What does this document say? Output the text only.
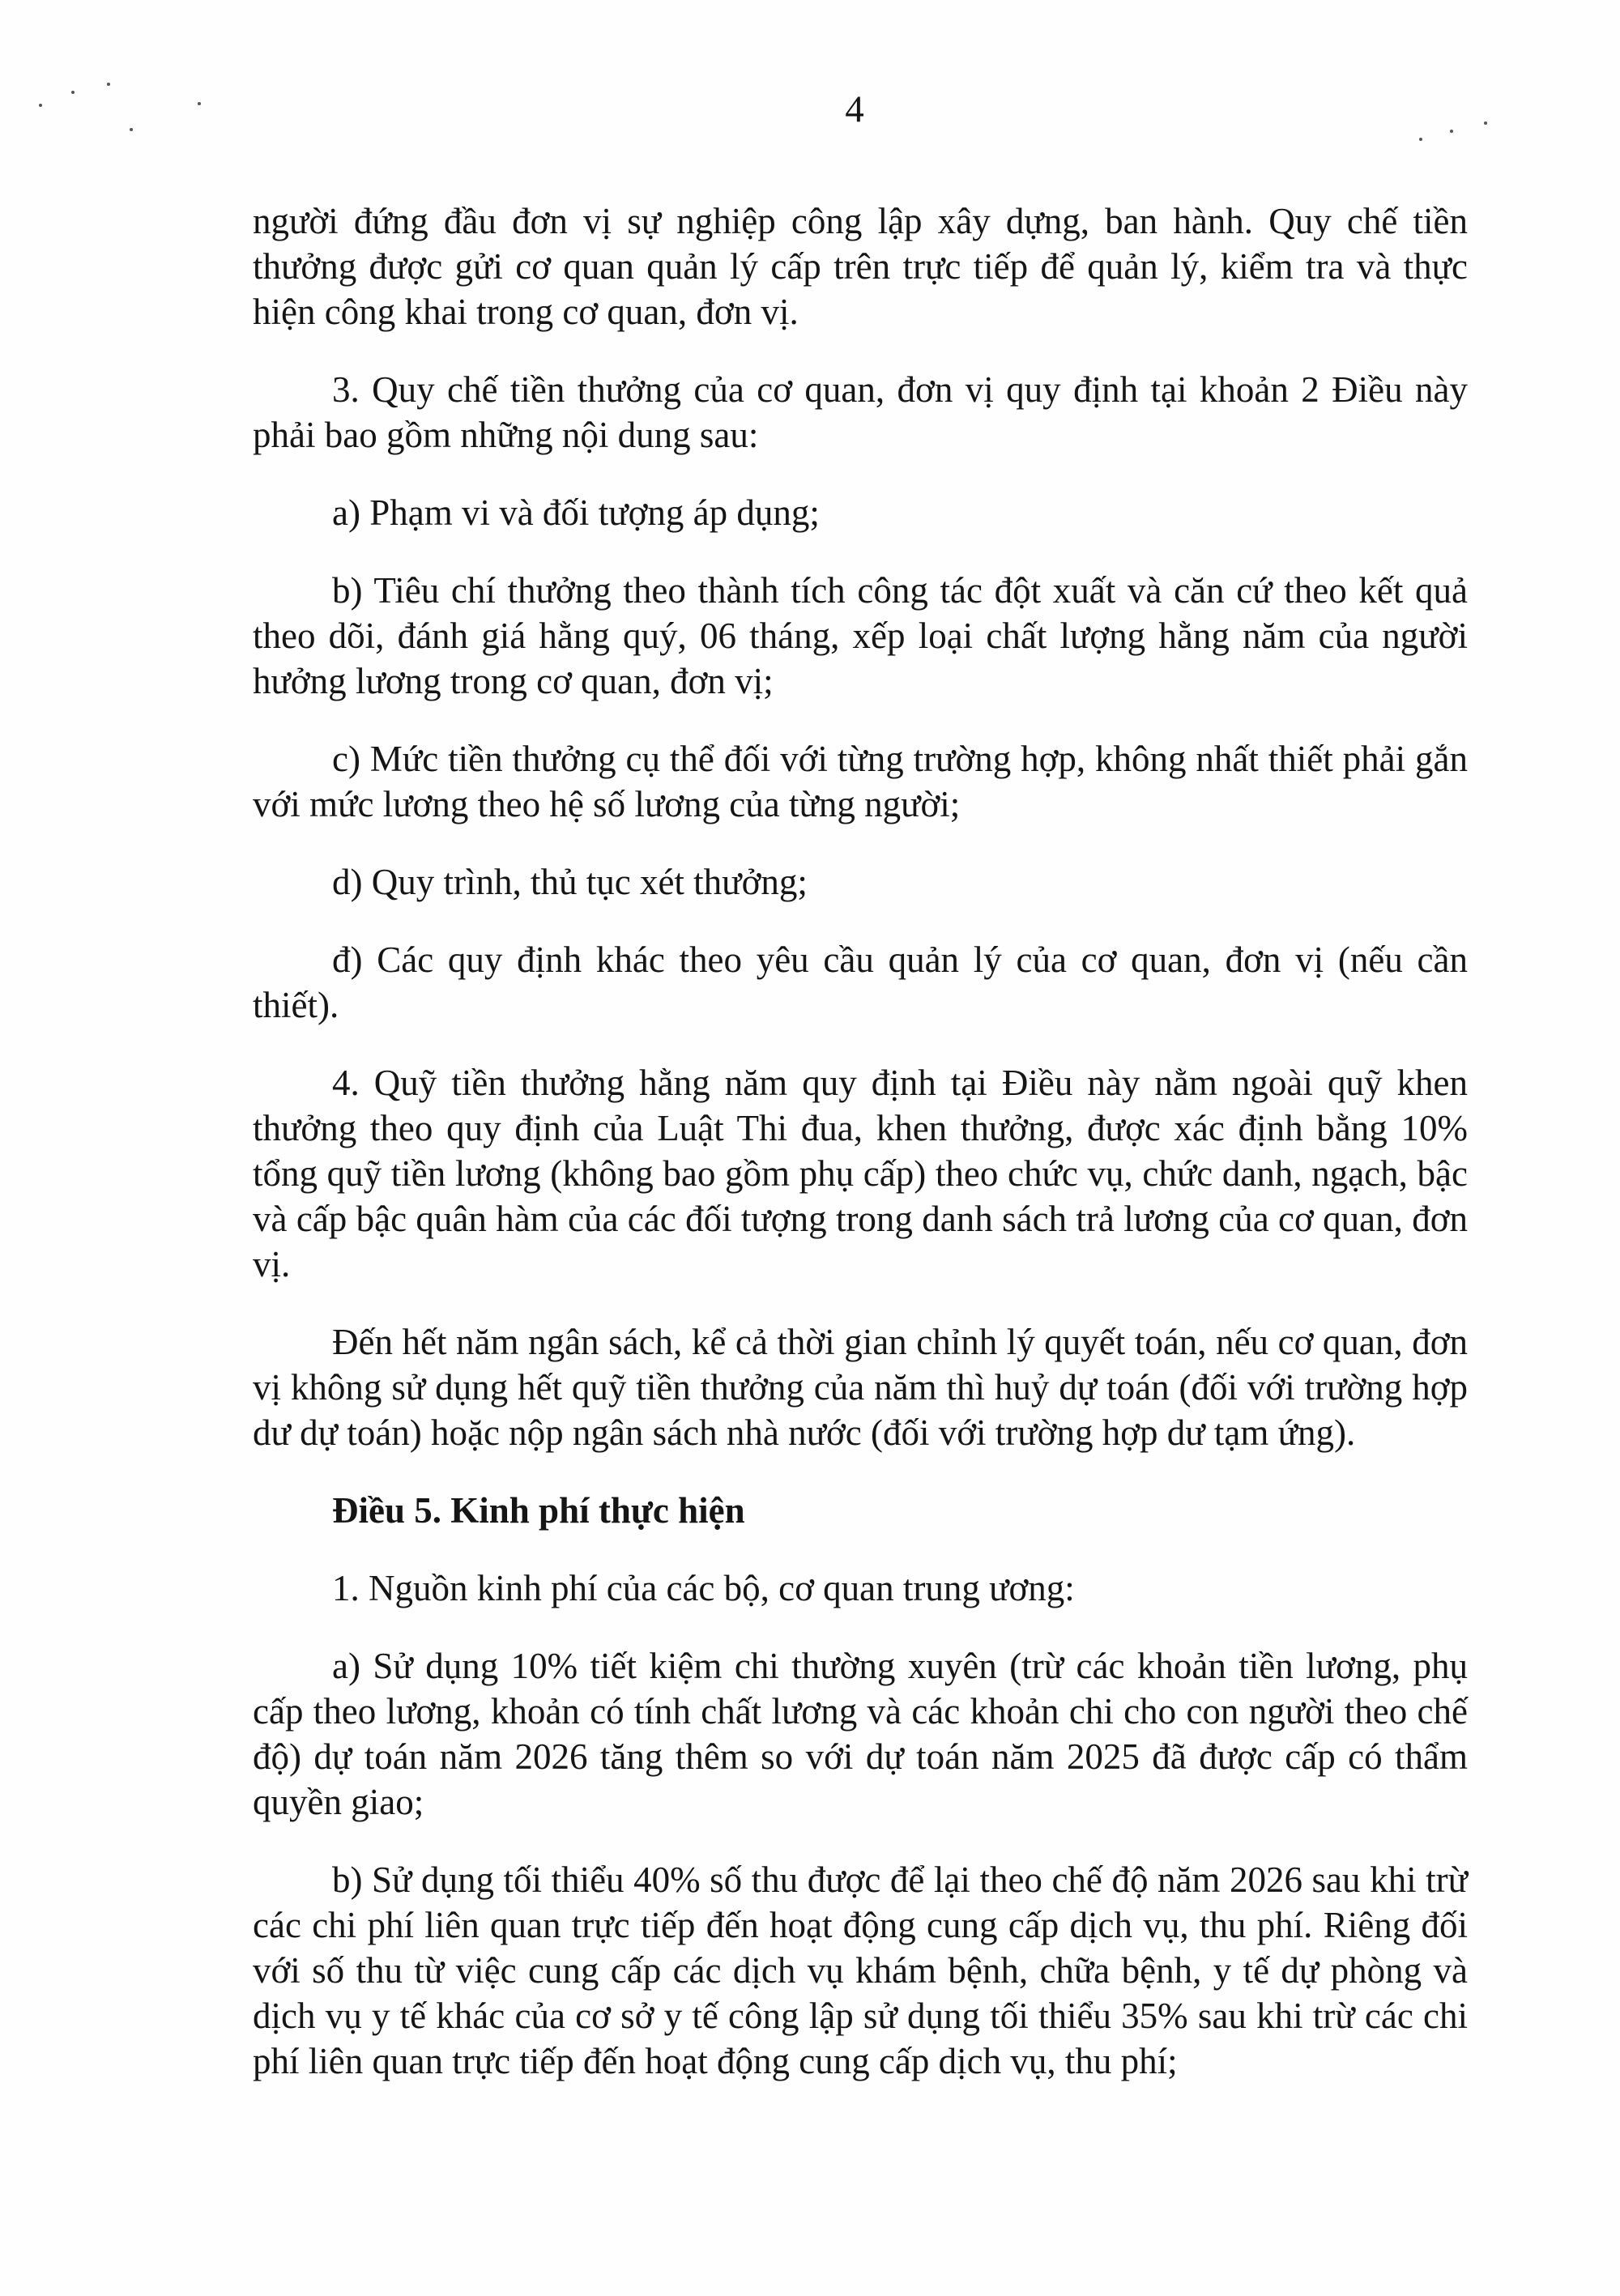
4

người đứng đầu đơn vị sự nghiệp công lập xây dựng, ban hành. Quy chế tiền thưởng được gửi cơ quan quản lý cấp trên trực tiếp để quản lý, kiểm tra và thực hiện công khai trong cơ quan, đơn vị.

3. Quy chế tiền thưởng của cơ quan, đơn vị quy định tại khoản 2 Điều này phải bao gồm những nội dung sau:

a) Phạm vi và đối tượng áp dụng;

b) Tiêu chí thưởng theo thành tích công tác đột xuất và căn cứ theo kết quả theo dõi, đánh giá hằng quý, 06 tháng, xếp loại chất lượng hằng năm của người hưởng lương trong cơ quan, đơn vị;

c) Mức tiền thưởng cụ thể đối với từng trường hợp, không nhất thiết phải gắn với mức lương theo hệ số lương của từng người;

d) Quy trình, thủ tục xét thưởng;

đ) Các quy định khác theo yêu cầu quản lý của cơ quan, đơn vị (nếu cần thiết).

4. Quỹ tiền thưởng hằng năm quy định tại Điều này nằm ngoài quỹ khen thưởng theo quy định của Luật Thi đua, khen thưởng, được xác định bằng 10% tổng quỹ tiền lương (không bao gồm phụ cấp) theo chức vụ, chức danh, ngạch, bậc và cấp bậc quân hàm của các đối tượng trong danh sách trả lương của cơ quan, đơn vị.

Đến hết năm ngân sách, kể cả thời gian chỉnh lý quyết toán, nếu cơ quan, đơn vị không sử dụng hết quỹ tiền thưởng của năm thì huỷ dự toán (đối với trường hợp dư dự toán) hoặc nộp ngân sách nhà nước (đối với trường hợp dư tạm ứng).

Điều 5. Kinh phí thực hiện

1. Nguồn kinh phí của các bộ, cơ quan trung ương:

a) Sử dụng 10% tiết kiệm chi thường xuyên (trừ các khoản tiền lương, phụ cấp theo lương, khoản có tính chất lương và các khoản chi cho con người theo chế độ) dự toán năm 2026 tăng thêm so với dự toán năm 2025 đã được cấp có thẩm quyền giao;

b) Sử dụng tối thiểu 40% số thu được để lại theo chế độ năm 2026 sau khi trừ các chi phí liên quan trực tiếp đến hoạt động cung cấp dịch vụ, thu phí. Riêng đối với số thu từ việc cung cấp các dịch vụ khám bệnh, chữa bệnh, y tế dự phòng và dịch vụ y tế khác của cơ sở y tế công lập sử dụng tối thiểu 35% sau khi trừ các chi phí liên quan trực tiếp đến hoạt động cung cấp dịch vụ, thu phí;
